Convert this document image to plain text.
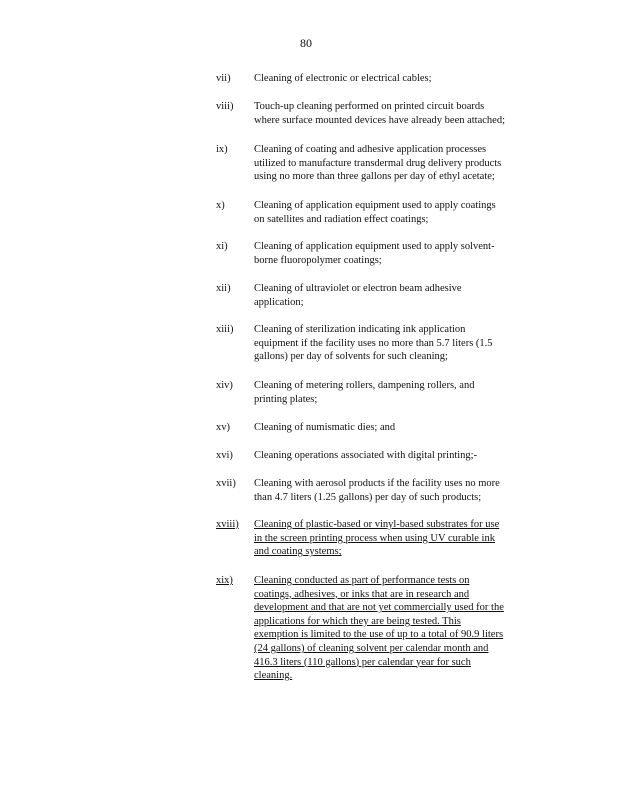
80
vii) Cleaning of electronic or electrical cables;
viii) Touch-up cleaning performed on printed circuit boards
where surface mounted devices have already been attached;
ix)	Cleaning of coating and adhesive application processes
utilized to manufacture transdermal drug delivery products
using no more than three gallons per day of ethyl acetate;
x)	Cleaning of application equipment used to apply coatings
on satellites and radiation effect coatings;
xi)	Cleaning of application equipment used to apply solvent-
borne fluoropolymer coatings;
xii) Cleaning of ultraviolet or electron beam adhesive
application;
xiii) Cleaning of sterilization indicating ink application
equipment if the facility uses no more than 5.7 liters (1.5
gallons) per day of solvents for such cleaning;
xiv) Cleaning of metering rollers, dampening rollers, and
printing plates;
xv) Cleaning of numismatic dies; and
xvi) Cleaning operations associated with digital printing;-
xvii) Cleaning with aerosol products if the facility uses no more
than 4.7 liters (1.25 gallons) per day of such products;
xviii) Cleaning of plastic-based or vinyl-based substrates for use
in the screen printing process when using UV curable ink
and coating systems;
xix) Cleaning conducted as part of performance tests on
coatings, adhesives, or inks that are in research and
development and that are not yet commercially used for the
applications for which they are being tested. This
exemption is limited to the use of up to a total of 90.9 liters
(24 gallons) of cleaning solvent per calendar month and
416.3 liters (110 gallons) per calendar year for such
cleaning.
